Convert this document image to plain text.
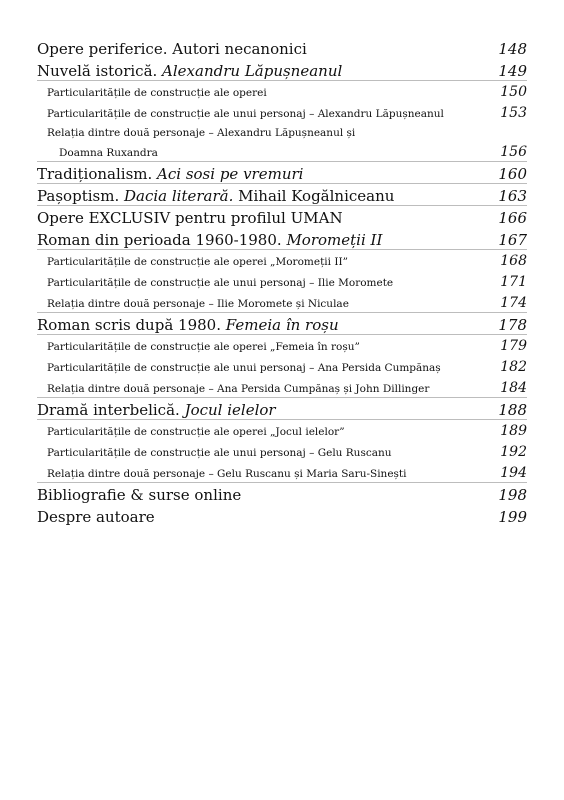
Opere periferice. Autori necanonici	148
Nuvelă istorică. Alexandru Lăpușneanul	149
Particularitățile de construcție ale operei	150
Particularitățile de construcție ale unui personaj – Alexandru Lăpușneanul	153
Relația dintre două personaje – Alexandru Lăpușneanul și
Doamna Ruxandra	156
Tradiționalism. Aci sosi pe vremuri	160
Pașoptism. Dacia literară. Mihail Kogălniceanu	163
Opere EXCLUSIV pentru profilul UMAN	166
Roman din perioada 1960-1980. Moromeții II	167
Particularitățile de construcție ale operei „Moromeții II”	168
Particularitățile de construcție ale unui personaj – Ilie Moromete	171
Relația dintre două personaje – Ilie Moromete și Niculae	174
Roman scris după 1980. Femeia în roșu	178
Particularitățile de construcție ale operei „Femeia în roșu”	179
Particularitățile de construcție ale unui personaj – Ana Persida Cumpănaș	182
Relația dintre două personaje – Ana Persida Cumpănaș și John Dillinger	184
Dramă interbelică. Jocul ielelor	188
Particularitățile de construcție ale operei „Jocul ielelor”	189
Particularitățile de construcție ale unui personaj – Gelu Ruscanu	192
Relația dintre două personaje – Gelu Ruscanu și Maria Saru-Sinești	194
Bibliografie & surse online	198
Despre autoare	199
